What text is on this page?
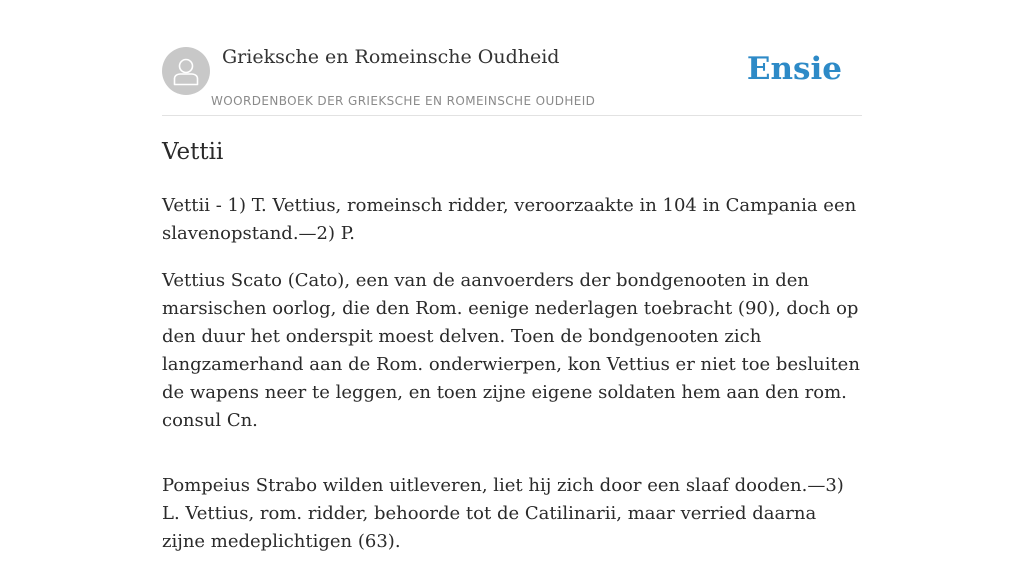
Grieksche en Romeinsche Oudheid
WOORDENBOEK DER GRIEKSCHE EN ROMEINSCHE OUDHEID
Ensie
Vettii

Vettii - 1) T. Vettius, romeinsch ridder, veroorzaakte in 104 in Campania een slavenopstand.—2) P.

Vettius Scato (Cato), een van de aanvoerders der bondgenooten in den marsischen oorlog, die den Rom. eenige nederlagen toebracht (90), doch op den duur het onderspit moest delven. Toen de bondgenooten zich langzamerhand aan de Rom. onderwierpen, kon Vettius er niet toe besluiten de wapens neer te leggen, en toen zijne eigene soldaten hem aan den rom. consul Cn.

Pompeius Strabo wilden uitleveren, liet hij zich door een slaaf dooden.—3) L. Vettius, rom. ridder, behoorde tot de Catilinarii, maar verried daarna zijne medeplichtigen (63).
